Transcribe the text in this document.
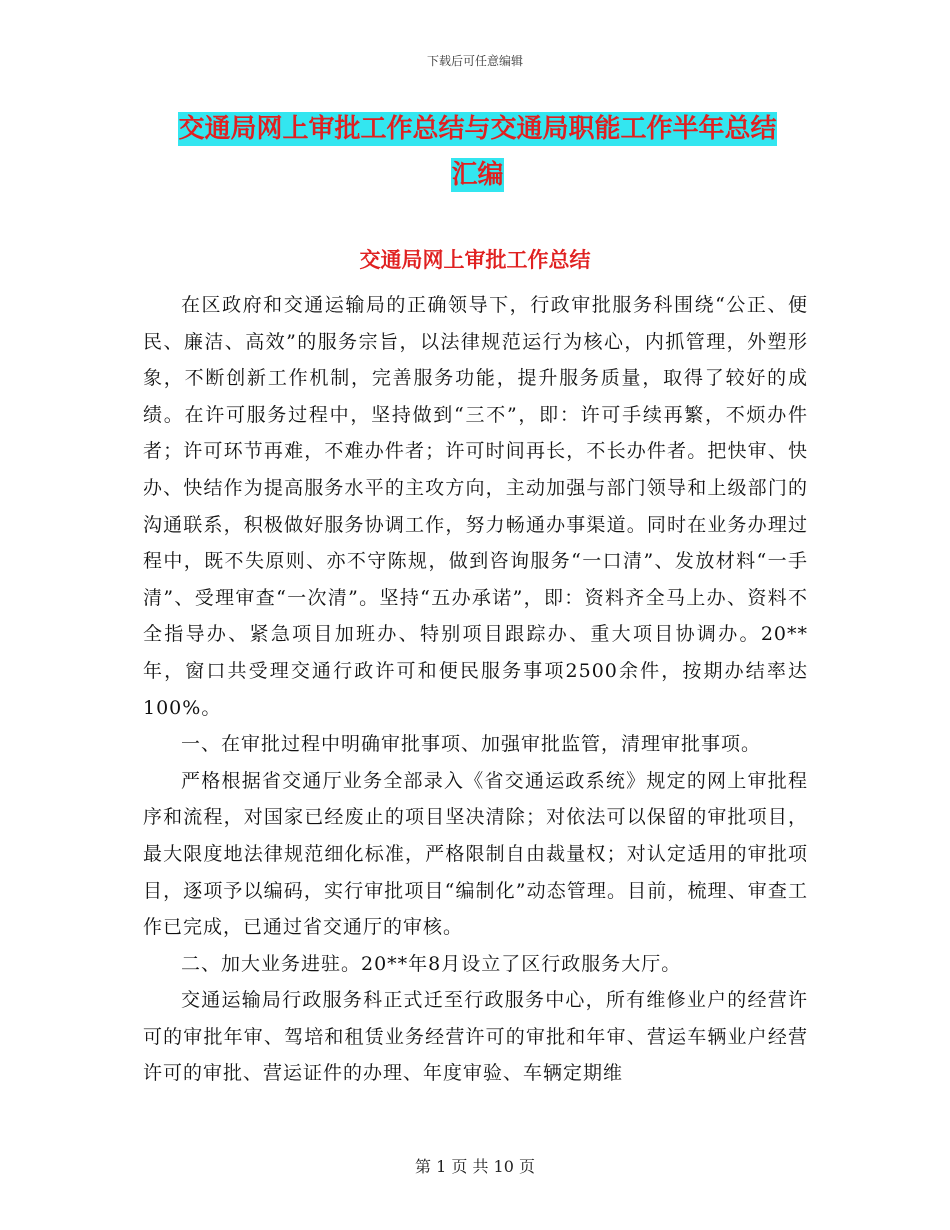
下载后可任意编辑
交通局网上审批工作总结与交通局职能工作半年总结
汇编
交通局网上审批工作总结

在区政府和交通运输局的正确领导下，行政审批服务科围绕“公正、便民、廉洁、高效”的服务宗旨，以法律规范运行为核心，内抓管理，外塑形象，不断创新工作机制，完善服务功能，提升服务质量，取得了较好的成绩。在许可服务过程中，坚持做到“三不”，即：许可手续再繁，不烦办件者；许可环节再难，不难办件者；许可时间再长，不长办件者。把快审、快办、快结作为提高服务水平的主攻方向，主动加强与部门领导和上级部门的沟通联系，积极做好服务协调工作，努力畅通办事渠道。同时在业务办理过程中，既不失原则、亦不守陈规，做到咨询服务“一口清”、发放材料“一手清”、受理审查“一次清”。坚持“五办承诺”，即：资料齐全马上办、资料不全指导办、紧急项目加班办、特别项目跟踪办、重大项目协调办。20**年，窗口共受理交通行政许可和便民服务事项2500余件，按期办结率达100%。

一、在审批过程中明确审批事项、加强审批监管，清理审批事项。

严格根据省交通厅业务全部录入《省交通运政系统》规定的网上审批程序和流程，对国家已经废止的项目坚决清除；对依法可以保留的审批项目，最大限度地法律规范细化标准，严格限制自由裁量权；对认定适用的审批项目，逐项予以编码，实行审批项目“编制化”动态管理。目前，梳理、审查工作已完成，已通过省交通厅的审核。

二、加大业务进驻。20**年8月设立了区行政服务大厅。

交通运输局行政服务科正式迁至行政服务中心，所有维修业户的经营许可的审批年审、驾培和租赁业务经营许可的审批和年审、营运车辆业户经营许可的审批、营运证件的办理、年度审验、车辆定期维

第 1 页 共 10 页
